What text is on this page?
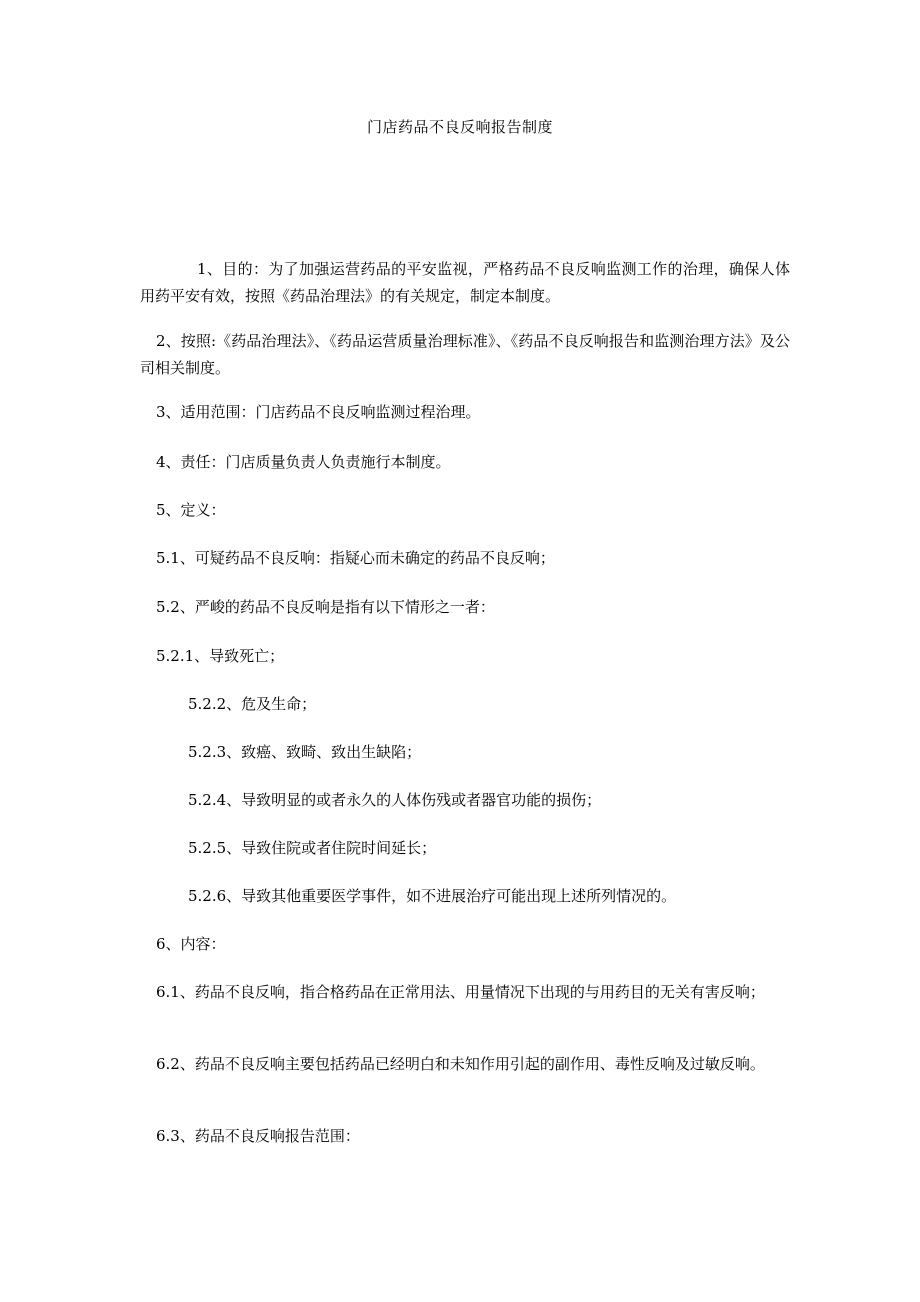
门店药品不良反响报告制度
1、目的：为了加强运营药品的平安监视，严格药品不良反响监测工作的治理，确保人体用药平安有效，按照《药品治理法》的有关规定，制定本制度。
2、按照:《药品治理法》、《药品运营质量治理标准》、《药品不良反响报告和监测治理方法》及公司相关制度。
3、适用范围：门店药品不良反响监测过程治理。
4、责任：门店质量负责人负责施行本制度。
5、定义：
5.1、可疑药品不良反响：指疑心而未确定的药品不良反响；
5.2、严峻的药品不良反响是指有以下情形之一者：
5.2.1、导致死亡；
5.2.2、危及生命；
5.2.3、致癌、致畸、致出生缺陷；
5.2.4、导致明显的或者永久的人体伤残或者器官功能的损伤；
5.2.5、导致住院或者住院时间延长；
5.2.6、导致其他重要医学事件，如不进展治疗可能出现上述所列情况的。
6、内容：
6.1、药品不良反响，指合格药品在正常用法、用量情况下出现的与用药目的无关有害反响；
6.2、药品不良反响主要包括药品已经明白和未知作用引起的副作用、毒性反响及过敏反响。
6.3、药品不良反响报告范围：
